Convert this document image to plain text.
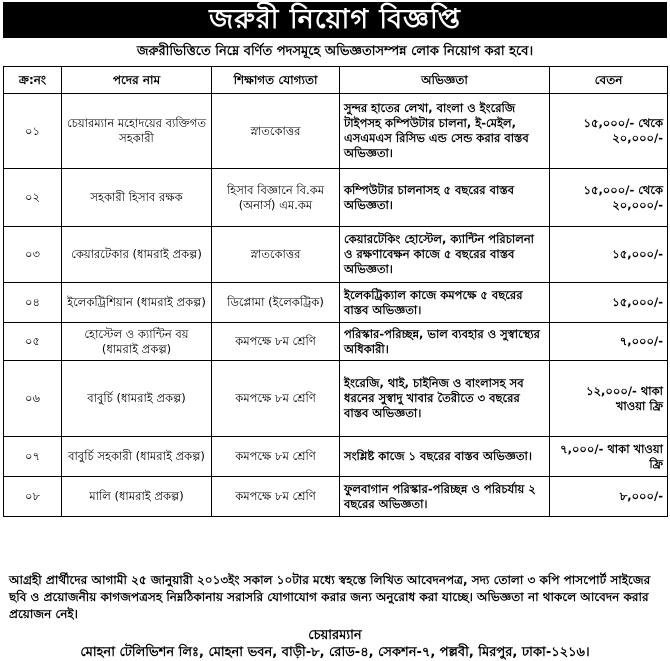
জরুরী নিয়োগ বিজ্ঞপ্তি
জরুরীভিত্তিতে নিম্নে বর্ণিত পদসমূহে অভিজ্ঞতাসম্পন্ন লোক নিয়োগ করা হবে।
ক্র:নং	পদের নাম	শিক্ষাগত যোগ্যতা	অভিজ্ঞতা	বেতন
০১	চেয়ারম্যান মহোদয়ের ব্যক্তিগত সহকারী	স্নাতকোত্তর	সুন্দর হাতের লেখা, বাংলা ও ইংরেজি টাইপসহ কম্পিউটার চালনা, ই-মেইল, এসএমএস রিসিভ এন্ড সেন্ড করার বাস্তব অভিজ্ঞতা।	১৫,০০০/- থেকে ২০,০০০/-
০২	সহকারী হিসাব রক্ষক	হিসাব বিজ্ঞানে বি.কম (অনার্স) এম.কম	কম্পিউটার চালনাসহ ৫ বছরের বাস্তব অভিজ্ঞতা।	১৫,০০০/- থেকে ২০,০০০/-
০৩	কেয়ারটেকার (ধামরাই প্রকল্প)	স্নাতকোত্তর	কেয়ারটেকিং হোস্টেল, ক্যান্টিন পরিচালনা ও রক্ষণাবেক্ষন কাজে ৫ বছরের বাস্তব অভিজ্ঞতা।	১৫,০০০/-
০৪	ইলেকট্রিশিয়ান (ধামরাই প্রকল্প)	ডিপ্লোমা (ইলেকট্রিক)	ইলেকট্রিক্যাল কাজে কমপক্ষে ৫ বছরের বাস্তব অভিজ্ঞতা।	১৫,০০০/-
০৫	হোস্টেল ও ক্যান্টিন বয় (ধামরাই প্রকল্প)	কমপক্ষে ৮ম শ্রেণি	পরিস্কার-পরিচ্ছন্ন, ভাল ব্যবহার ও সুস্বাস্থ্যের অধিকারী।	৭,০০০/-
০৬	বাবুর্চি (ধামরাই প্রকল্প)	কমপক্ষে ৮ম শ্রেণি	ইংরেজি, থাই, চাইনিজ ও বাংলাসহ সব ধরনের সুস্বাদু খাবার তৈরীতে ৩ বছরের বাস্তব অভিজ্ঞতা।	১২,০০০/- থাকা খাওয়া ফ্রি
০৭	বাবুর্চি সহকারী (ধামরাই প্রকল্প)	কমপক্ষে ৮ম শ্রেণি	সংশ্লিষ্ট কাজে ১ বছরের বাস্তব অভিজ্ঞতা।	৭,০০০/- থাকা খাওয়া ফ্রি
০৮	মালি (ধামরাই প্রকল্প)	কমপক্ষে ৮ম শ্রেণি	ফুলবাগান পরিস্কার-পরিচ্ছন্ন ও পরিচর্যায় ২ বছরের অভিজ্ঞতা।	৮,০০০/-
আগ্রহী প্রার্থীদের আগামী ২৫ জানুয়ারী ২০১৩ইং সকাল ১০টার মধ্যে স্বহস্তে লিখিত আবেদনপত্র, সদ্য তোলা ৩ কপি পাসপোর্ট সাইজের ছবি ও প্রয়োজনীয় কাগজপত্রসহ নিম্নঠিকানায় সরাসরি যোগাযোগ করার জন্য অনুরোধ করা যাচ্ছে। অভিজ্ঞতা না থাকলে আবেদন করার প্রয়োজন নেই।
চেয়ারম্যান
মোহনা টেলিভিশন লিঃ, মোহনা ভবন, বাড়ী-৮, রোড-৪, সেকশন-৭, পল্লবী, মিরপুর, ঢাকা-১২১৬।
